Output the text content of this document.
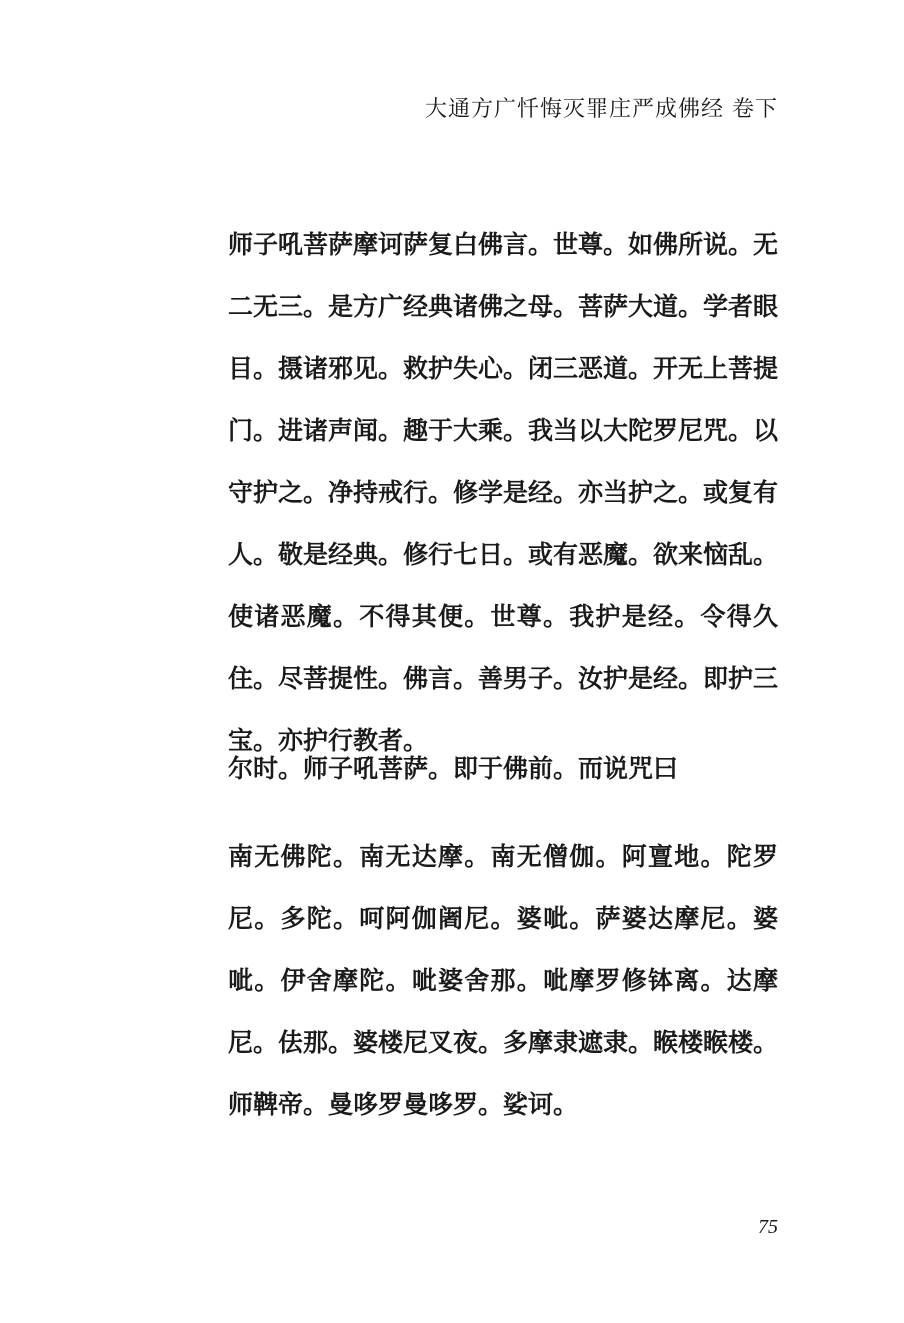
大通方广忏悔灭罪庄严成佛经 卷下
师子吼菩萨摩诃萨复白佛言。世尊。如佛所说。无二无三。是方广经典诸佛之母。菩萨大道。学者眼目。摄诸邪见。救护失心。闭三恶道。开无上菩提门。进诸声闻。趣于大乘。我当以大陀罗尼咒。以守护之。净持戒行。修学是经。亦当护之。或复有人。敬是经典。修行七日。或有恶魔。欲来恼乱。使诸恶魔。不得其便。世尊。我护是经。令得久住。尽菩提性。佛言。善男子。汝护是经。即护三宝。亦护行教者。
尔时。师子吼菩萨。即于佛前。而说咒曰
南无佛陀。南无达摩。南无僧伽。阿亶地。陀罗尼。多陀。呵阿伽阇尼。婆呲。萨婆达摩尼。婆呲。伊舍摩陀。呲婆舍那。呲摩罗修钵离。达摩尼。佉那。婆楼尼叉夜。多摩隶遮隶。睺楼睺楼。师鞞帝。曼哆罗曼哆罗。娑诃。
75
